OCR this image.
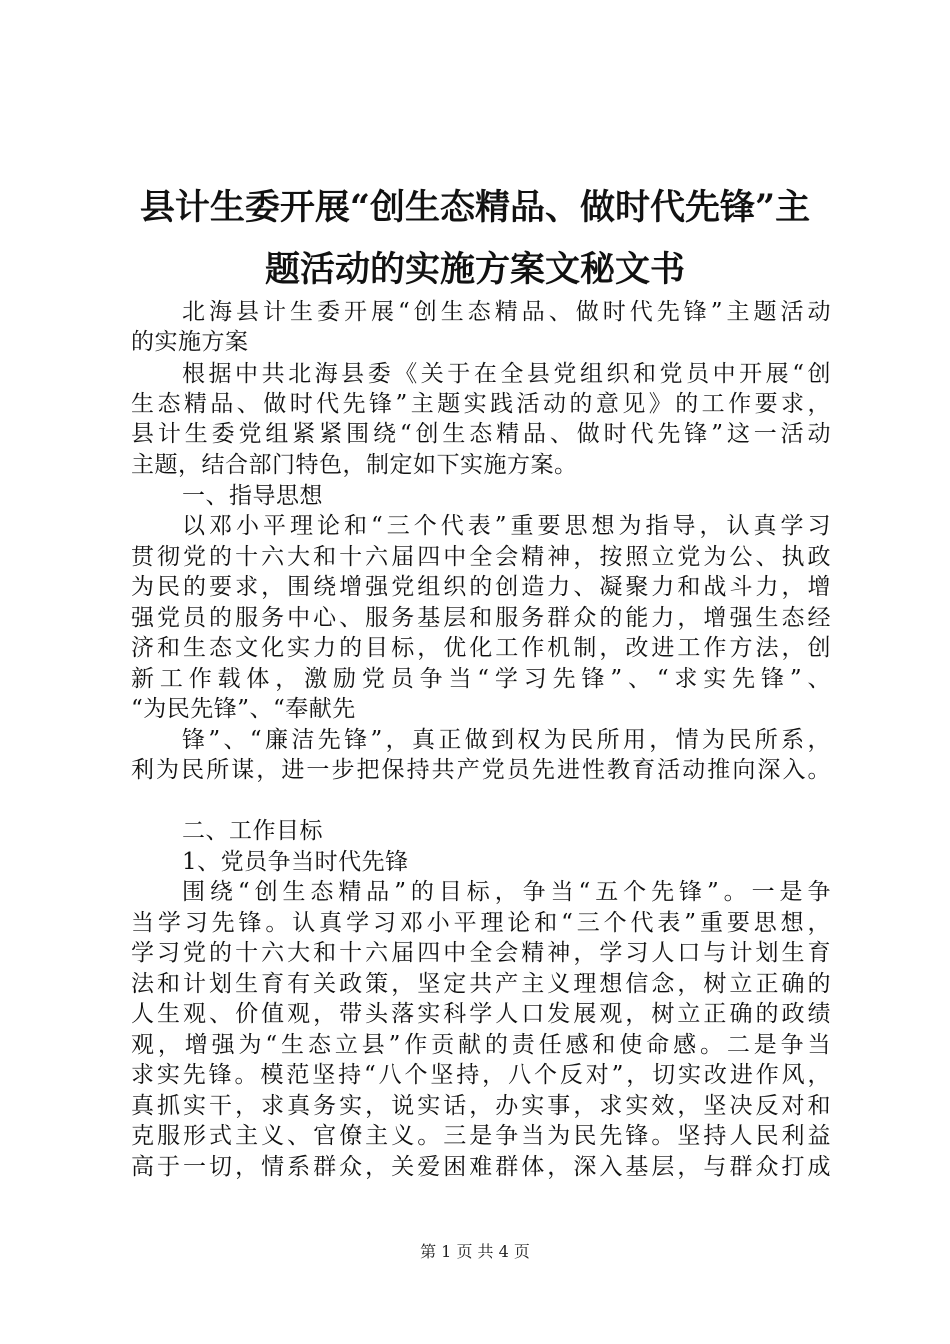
县计生委开展“创生态精品、做时代先锋”主
题活动的实施方案文秘文书
北海县计生委开展“创生态精品、做时代先锋”主题活动
的实施方案
根据中共北海县委《关于在全县党组织和党员中开展“创
生态精品、做时代先锋”主题实践活动的意见》的工作要求，
县计生委党组紧紧围绕“创生态精品、做时代先锋”这一活动
主题，结合部门特色，制定如下实施方案。
一、指导思想
以邓小平理论和“三个代表”重要思想为指导，认真学习
贯彻党的十六大和十六届四中全会精神，按照立党为公、执政
为民的要求，围绕增强党组织的创造力、凝聚力和战斗力，增
强党员的服务中心、服务基层和服务群众的能力，增强生态经
济和生态文化实力的目标，优化工作机制，改进工作方法，创
新工作载体，激励党员争当“学习先锋”、“求实先锋”、
“为民先锋”、“奉献先
锋”、“廉洁先锋”，真正做到权为民所用，情为民所系，
利为民所谋，进一步把保持共产党员先进性教育活动推向深入。
二、工作目标
1、党员争当时代先锋
围绕“创生态精品”的目标，争当“五个先锋”。一是争
当学习先锋。认真学习邓小平理论和“三个代表”重要思想，
学习党的十六大和十六届四中全会精神，学习人口与计划生育
法和计划生育有关政策，坚定共产主义理想信念，树立正确的
人生观、价值观，带头落实科学人口发展观，树立正确的政绩
观，增强为“生态立县”作贡献的责任感和使命感。二是争当
求实先锋。模范坚持“八个坚持，八个反对”，切实改进作风，
真抓实干，求真务实，说实话，办实事，求实效，坚决反对和
克服形式主义、官僚主义。三是争当为民先锋。坚持人民利益
高于一切，情系群众，关爱困难群体，深入基层，与群众打成
第 1 页 共 4 页
